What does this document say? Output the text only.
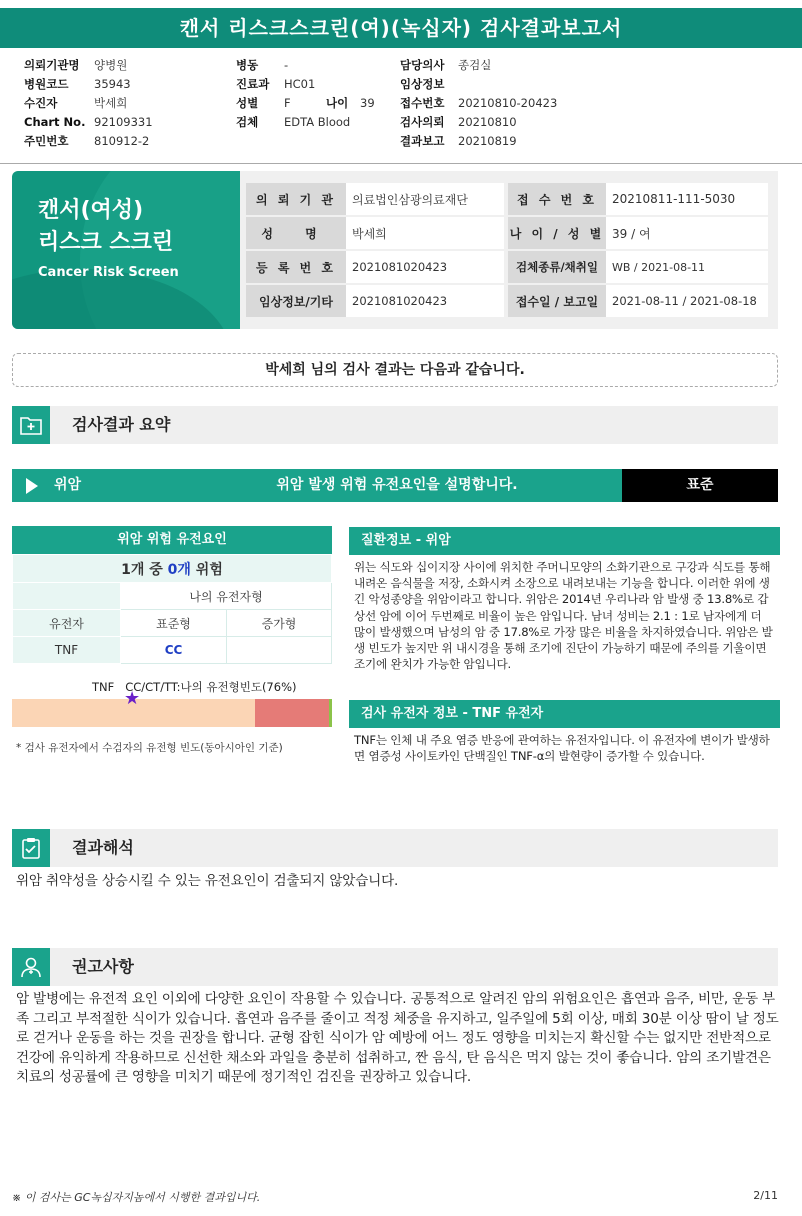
캔서 리스크스크린(여)(녹십자) 검사결과보고서
의뢰기관명 양병원
병원코드 35943
수진자	박세희
Chart No. 92109331
주민번호 810912-2
병동 -
진료과 HC01
성별 F	나이 39
검체 EDTA Blood
담당의사 종검실
임상정보
접수번호 20210810-20423
검사의뢰 20210810
결과보고 20210819
캔서(여성)
리스크 스크린
Cancer Risk Screen
의 뢰 기 관	의료법인삼광의료재단		접 수 번 호	20210811-111-5030
성 명	박세희		나 이 / 성 별	39 / 여
등 록 번 호	2021081020423		검체종류/채취일	WB / 2021-08-11
임상정보/기타	2021081020423		접수일 / 보고일	2021-08-11 / 2021-08-18
박세희 님의 검사 결과는 다음과 같습니다.
검사결과 요약
위암	위암 발생 위험 유전요인을 설명합니다.	표준
위암 위험 유전요인
1개 중 0개 위험		
	나의 유전자형	
유전자	표준형	증가형
TNF	CC	
TNF   CC/CT/TT:나의 유전형빈도(76%)
★
* 검사 유전자에서 수검자의 유전형 빈도(동아시아인 기준)
질환정보 - 위암
위는 식도와 십이지장 사이에 위치한 주머니모양의 소화기관으로 구강과 식도를 통해 내려온 음식물을 저장, 소화시켜 소장으로 내려보내는 기능을 합니다. 이러한 위에 생긴 악성종양을 위암이라고 합니다. 위암은 2014년 우리나라 암 발생 중 13.8%로 갑상선 암에 이어 두번째로 비율이 높은 암입니다. 남녀 성비는 2.1 : 1로 남자에게 더 많이 발생했으며 남성의 암 중 17.8%로 가장 많은 비율을 차지하였습니다. 위암은 발생 빈도가 높지만 위 내시경을 통해 조기에 진단이 가능하기 때문에 주의를 기울이면 조기에 완치가 가능한 암입니다.
검사 유전자 정보 - TNF 유전자
TNF는 인체 내 주요 염증 반응에 관여하는 유전자입니다. 이 유전자에 변이가 발생하면 염증성 사이토카인 단백질인 TNF-α의 발현량이 증가할 수 있습니다.
결과해석
위암 취약성을 상승시킬 수 있는 유전요인이 검출되지 않았습니다.
권고사항
암 발병에는 유전적 요인 이외에 다양한 요인이 작용할 수 있습니다. 공통적으로 알려진 암의 위험요인은 흡연과 음주, 비만, 운동 부족 그리고 부적절한 식이가 있습니다. 흡연과 음주를 줄이고 적정 체중을 유지하고, 일주일에 5회 이상, 매회 30분 이상 땀이 날 정도로 걷거나 운동을 하는 것을 권장을 합니다. 균형 잡힌 식이가 암 예방에 어느 정도 영향을 미치는지 확신할 수는 없지만 전반적으로 건강에 유익하게 작용하므로 신선한 채소와 과일을 충분히 섭취하고, 짠 음식, 탄 음식은 먹지 않는 것이 좋습니다. 암의 조기발견은 치료의 성공률에 큰 영향을 미치기 때문에 정기적인 검진을 권장하고 있습니다.
※ 이 검사는 GC녹십자지놈에서 시행한 결과입니다.	2/11
